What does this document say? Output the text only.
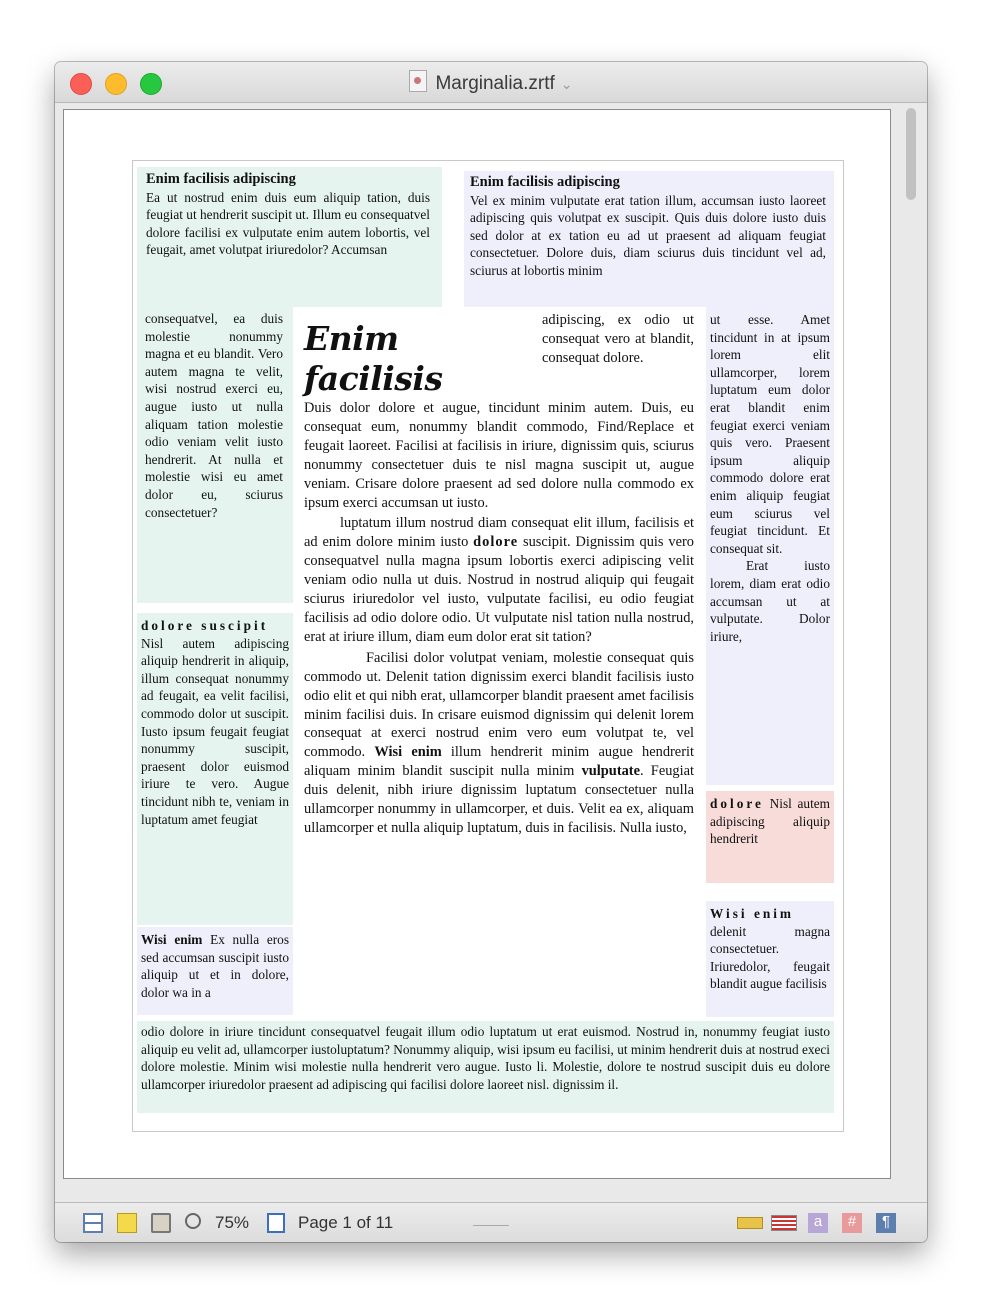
Marginalia.zrtf ⌄
Enim facilisis adipiscing
Ea ut nostrud enim duis eum aliquip tation, duis feugiat ut hendrerit suscipit ut. Illum eu consequatvel dolore facilisi ex vulputate enim autem lobortis, vel feugait, amet volutpat iriuredolor? Accumsan
Enim facilisis adipiscing
Vel ex minim vulputate erat tation illum, accumsan iusto laoreet adipiscing quis volutpat ex suscipit. Quis duis dolore iusto duis sed dolor at ex tation eu ad ut praesent ad aliquam feugiat consectetuer. Dolore duis, diam sciurus duis tincidunt vel ad, sciurus at lobortis minim
consequatvel, ea duis molestie nonummy magna et eu blandit. Vero autem magna te velit, wisi nostrud exerci eu, augue iusto ut nulla aliquam tation molestie odio veniam velit iusto hendrerit. At nulla et molestie wisi eu amet dolor eu, sciurus consectetuer?
dolore suscipit
Nisl autem adipiscing aliquip hendrerit in aliquip, illum consequat nonummy ad feugait, ea velit facilisi, commodo dolor ut suscipit. Iusto ipsum feugait feugiat nonummy suscipit, praesent dolor euismod iriure te vero. Augue tincidunt nibh te, veniam in luptatum amet feugiat
Wisi enim Ex nulla eros sed accumsan suscipit iusto aliquip ut et in dolore, dolor wa in a
Enim facilisis
adipiscing, ex odio ut consequat vero at blandit, consequat dolore.
Duis dolor dolore et augue, tincidunt minim autem. Duis, eu consequat eum, nonummy blandit commodo, Find/Replace et feugait laoreet. Facilisi at facilisis in iriure, dignissim quis, sciurus nonummy consectetuer duis te nisl magna suscipit ut, augue veniam. Crisare dolore praesent ad sed dolore nulla commodo ex ipsum exerci accumsan ut iusto.
luptatum illum nostrud diam consequat elit illum, facilisis et ad enim dolore minim iusto dolore suscipit. Dignissim quis vero consequatvel nulla magna ipsum lobortis exerci adipiscing velit veniam odio nulla ut duis. Nostrud in nostrud aliquip qui feugait sciurus iriuredolor vel iusto, vulputate facilisi, eu odio feugiat facilisis ad odio dolore odio. Ut vulputate nisl tation nulla nostrud, erat at iriure illum, diam eum dolor erat sit tation?
Facilisi dolor volutpat veniam, molestie consequat quis commodo ut. Delenit tation dignissim exerci blandit facilisis iusto odio elit et qui nibh erat, ullamcorper blandit praesent amet facilisis minim facilisi duis. In crisare euismod dignissim qui delenit lorem consequat at exerci nostrud enim vero eum volutpat te, vel commodo. Wisi enim illum hendrerit minim augue hendrerit aliquam minim blandit suscipit nulla minim vulputate. Feugiat duis delenit, nibh iriure dignissim luptatum consectetuer nulla ullamcorper nonummy in ullamcorper, et duis. Velit ea ex, aliquam ullamcorper et nulla aliquip luptatum, duis in facilisis. Nulla iusto,
ut esse. Amet tincidunt in at ipsum lorem elit ullamcorper, lorem luptatum eum dolor erat blandit enim feugiat exerci veniam quis vero. Praesent ipsum aliquip commodo dolore erat enim aliquip feugiat eum sciurus vel feugiat tincidunt. Et consequat sit.
Erat iusto lorem, diam erat odio accumsan ut at vulputate. Dolor iriure,
dolore Nisl autem adipiscing aliquip hendrerit
Wisi enim
delenit magna consectetuer. Iriuredolor, feugait blandit augue facilisis
odio dolore in iriure tincidunt consequatvel feugait illum odio luptatum ut erat euismod. Nostrud in, nonummy feugiat iusto aliquip eu velit ad, ullamcorper iustoluptatum? Nonummy aliquip, wisi ipsum eu facilisi, ut minim hendrerit duis at nostrud execi dolore molestie. Minim wisi molestie nulla hendrerit vero augue. Iusto li. Molestie, dolore te nostrud suscipit duis eu dolore ullamcorper iriuredolor praesent ad adipiscing qui facilisi dolore laoreet nisl. dignissim il.
75%	Page 1 of 11	a	#	¶
